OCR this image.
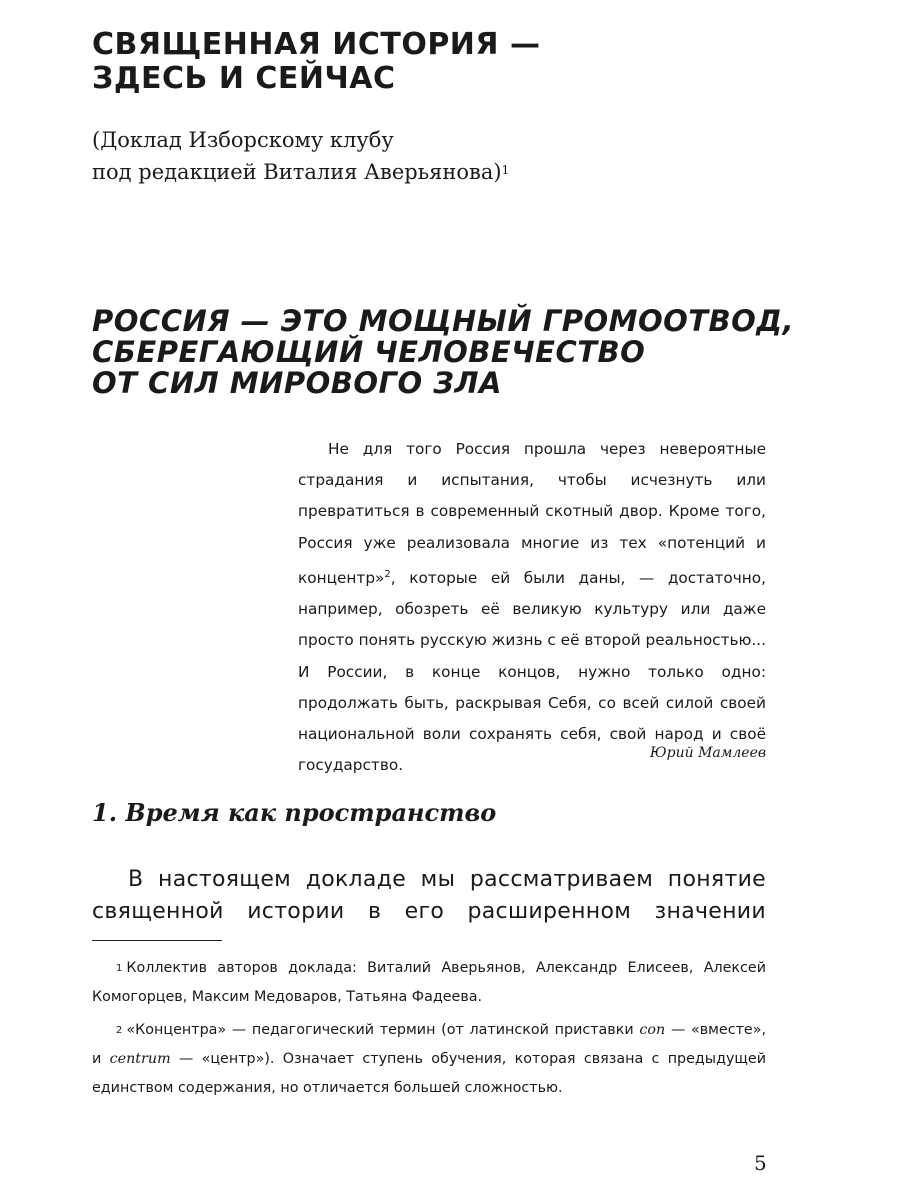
СВЯЩЕННАЯ ИСТОРИЯ —
ЗДЕСЬ И СЕЙЧАС
(Доклад Изборскому клубу
под редакцией Виталия Аверьянова)$^1$
РОССИЯ — ЭТО МОЩНЫЙ ГРОМООТВОД,
СБЕРЕГАЮЩИЙ ЧЕЛОВЕЧЕСТВО
ОТ СИЛ МИРОВОГО ЗЛА
Не для того Россия прошла через невероятные страдания и испытания, чтобы исчезнуть или превратиться в современный скотный двор. Кроме того, Россия уже реализовала многие из тех «потенций и концентр»$^2$, которые ей были даны, — достаточно, например, обозреть её великую культуру или даже просто понять русскую жизнь с её второй реальностью... И России, в конце концов, нужно только одно: продолжать быть, раскрывая Себя, со всей силой своей национальной воли сохранять себя, свой народ и своё государство.
Юрий Мамлеев
1. Время как пространство
В настоящем докладе мы рассматриваем понятие священной истории в его расширенном значении

$^1$ Коллектив авторов доклада: Виталий Аверьянов, Александр Елисеев, Алексей Комогорцев, Максим Медоваров, Татьяна Фадеева.

$^2$ «Концентра» — педагогический термин (от латинской приставки con — «вместе», и centrum — «центр»). Означает ступень обучения, которая связана с предыдущей единством содержания, но отличается большей сложностью.

5
